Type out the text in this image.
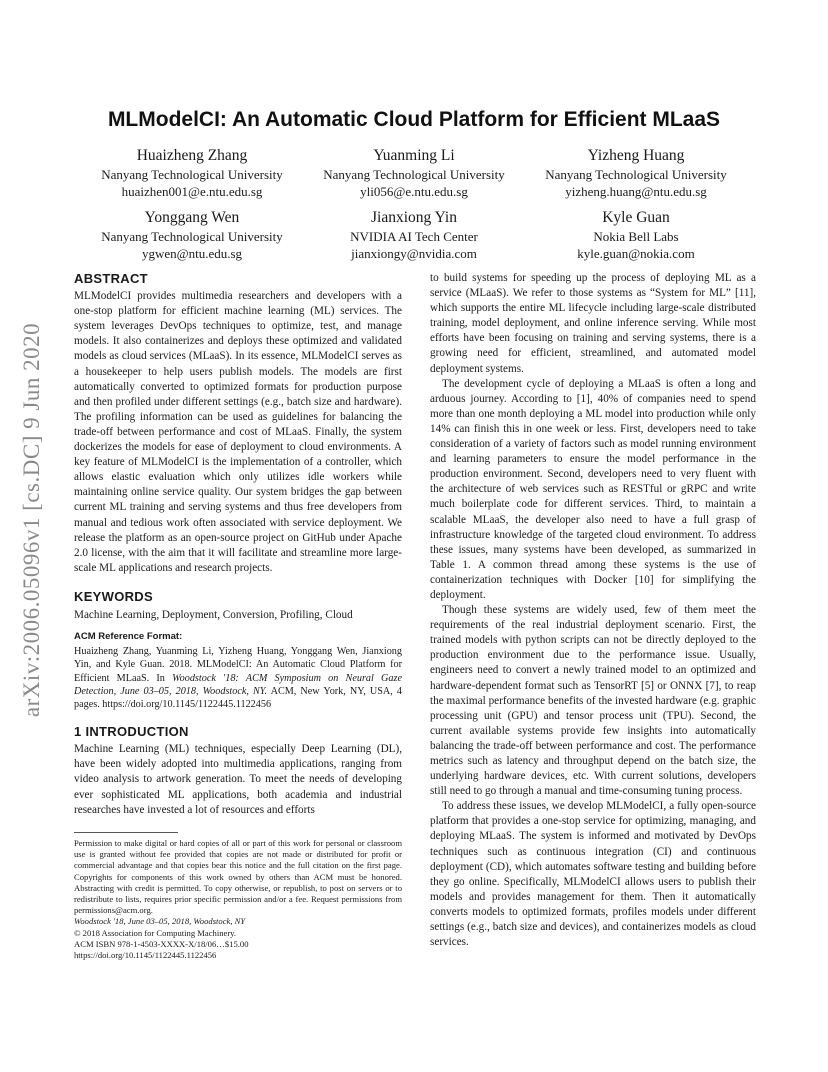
arXiv:2006.05096v1 [cs.DC] 9 Jun 2020
MLModelCI: An Automatic Cloud Platform for Efficient MLaaS
Huaizheng Zhang
Nanyang Technological University
huaizhen001@e.ntu.edu.sg
Yuanming Li
Nanyang Technological University
yli056@e.ntu.edu.sg
Yizheng Huang
Nanyang Technological University
yizheng.huang@ntu.edu.sg
Yonggang Wen
Nanyang Technological University
ygwen@ntu.edu.sg
Jianxiong Yin
NVIDIA AI Tech Center
jianxiongy@nvidia.com
Kyle Guan
Nokia Bell Labs
kyle.guan@nokia.com
ABSTRACT

MLModelCI provides multimedia researchers and developers with a one-stop platform for efficient machine learning (ML) services. The system leverages DevOps techniques to optimize, test, and manage models. It also containerizes and deploys these optimized and validated models as cloud services (MLaaS). In its essence, MLModelCI serves as a housekeeper to help users publish models. The models are first automatically converted to optimized formats for production purpose and then profiled under different settings (e.g., batch size and hardware). The profiling information can be used as guidelines for balancing the trade-off between performance and cost of MLaaS. Finally, the system dockerizes the models for ease of deployment to cloud environments. A key feature of MLModelCI is the implementation of a controller, which allows elastic evaluation which only utilizes idle workers while maintaining online service quality. Our system bridges the gap between current ML training and serving systems and thus free developers from manual and tedious work often associated with service deployment. We release the platform as an open-source project on GitHub under Apache 2.0 license, with the aim that it will facilitate and streamline more large-scale ML applications and research projects.

KEYWORDS

Machine Learning, Deployment, Conversion, Profiling, Cloud

ACM Reference Format:

Huaizheng Zhang, Yuanming Li, Yizheng Huang, Yonggang Wen, Jianxiong Yin, and Kyle Guan. 2018. MLModelCI: An Automatic Cloud Platform for Efficient MLaaS. In Woodstock '18: ACM Symposium on Neural Gaze Detection, June 03–05, 2018, Woodstock, NY. ACM, New York, NY, USA, 4 pages. https://doi.org/10.1145/1122445.1122456

1 INTRODUCTION

Machine Learning (ML) techniques, especially Deep Learning (DL), have been widely adopted into multimedia applications, ranging from video analysis to artwork generation. To meet the needs of developing ever sophisticated ML applications, both academia and industrial researches have invested a lot of resources and efforts

Permission to make digital or hard copies of all or part of this work for personal or classroom use is granted without fee provided that copies are not made or distributed for profit or commercial advantage and that copies bear this notice and the full citation on the first page. Copyrights for components of this work owned by others than ACM must be honored. Abstracting with credit is permitted. To copy otherwise, or republish, to post on servers or to redistribute to lists, requires prior specific permission and/or a fee. Request permissions from permissions@acm.org.
Woodstock '18, June 03–05, 2018, Woodstock, NY
© 2018 Association for Computing Machinery.
ACM ISBN 978-1-4503-XXXX-X/18/06…$15.00
https://doi.org/10.1145/1122445.1122456

to build systems for speeding up the process of deploying ML as a service (MLaaS). We refer to those systems as “System for ML” [11], which supports the entire ML lifecycle including large-scale distributed training, model deployment, and online inference serving. While most efforts have been focusing on training and serving systems, there is a growing need for efficient, streamlined, and automated model deployment systems.

The development cycle of deploying a MLaaS is often a long and arduous journey. According to [1], 40% of companies need to spend more than one month deploying a ML model into production while only 14% can finish this in one week or less. First, developers need to take consideration of a variety of factors such as model running environment and learning parameters to ensure the model performance in the production environment. Second, developers need to very fluent with the architecture of web services such as RESTful or gRPC and write much boilerplate code for different services. Third, to maintain a scalable MLaaS, the developer also need to have a full grasp of infrastructure knowledge of the targeted cloud environment. To address these issues, many systems have been developed, as summarized in Table 1. A common thread among these systems is the use of containerization techniques with Docker [10] for simplifying the deployment.

Though these systems are widely used, few of them meet the requirements of the real industrial deployment scenario. First, the trained models with python scripts can not be directly deployed to the production environment due to the performance issue. Usually, engineers need to convert a newly trained model to an optimized and hardware-dependent format such as TensorRT [5] or ONNX [7], to reap the maximal performance benefits of the invested hardware (e.g. graphic processing unit (GPU) and tensor process unit (TPU). Second, the current available systems provide few insights into automatically balancing the trade-off between performance and cost. The performance metrics such as latency and throughput depend on the batch size, the underlying hardware devices, etc. With current solutions, developers still need to go through a manual and time-consuming tuning process.

To address these issues, we develop MLModelCI, a fully open-source platform that provides a one-stop service for optimizing, managing, and deploying MLaaS. The system is informed and motivated by DevOps techniques such as continuous integration (CI) and continuous deployment (CD), which automates software testing and building before they go online. Specifically, MLModelCI allows users to publish their models and provides management for them. Then it automatically converts models to optimized formats, profiles models under different settings (e.g., batch size and devices), and containerizes models as cloud services.
